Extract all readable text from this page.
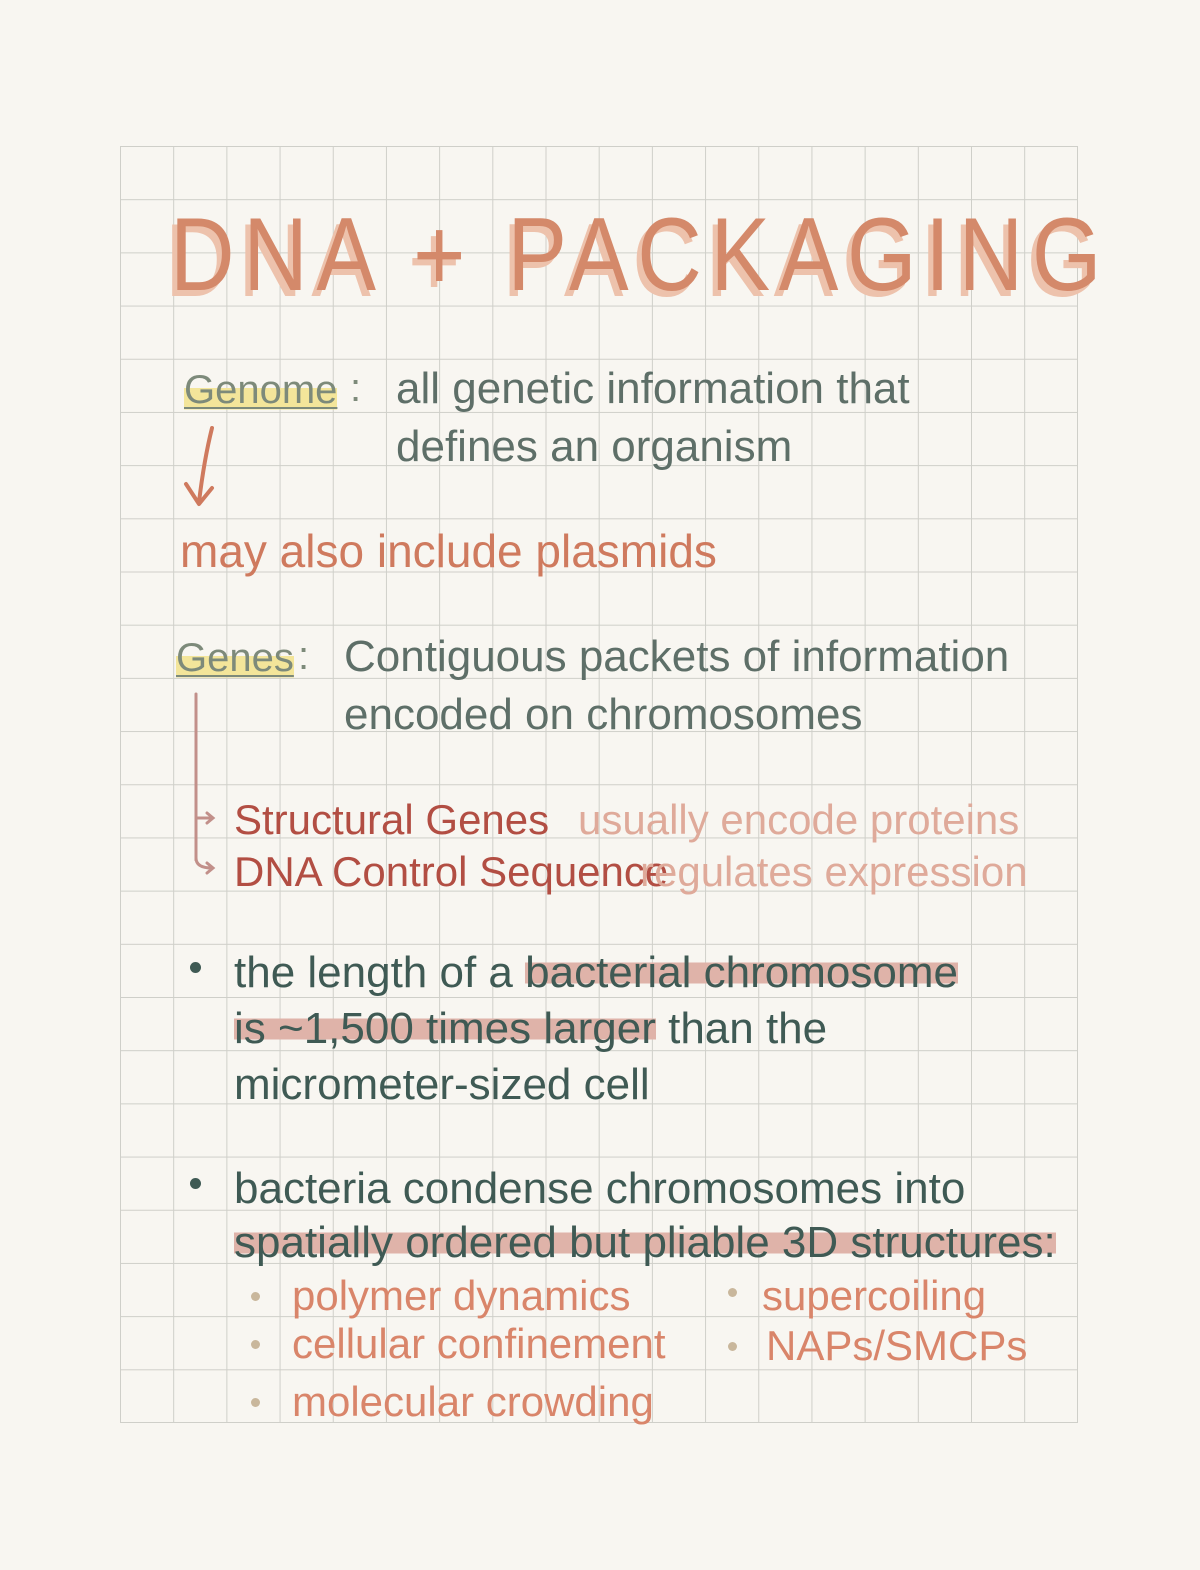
DNA + PACKAGING
Genome : all genetic information that
defines an organism
may also include plasmids
Genes : Contiguous packets of information
encoded on chromosomes
Structural Genes usually encode proteins
DNA Control Sequence
regulates expression
the length of a bacterial chromosome
is ~1,500 times larger than the
micrometer-sized cell
bacteria condense chromosomes into
spatially ordered but pliable 3D structures:
polymer dynamics
cellular confinement
molecular crowding
supercoiling
NAPs/SMCPs
